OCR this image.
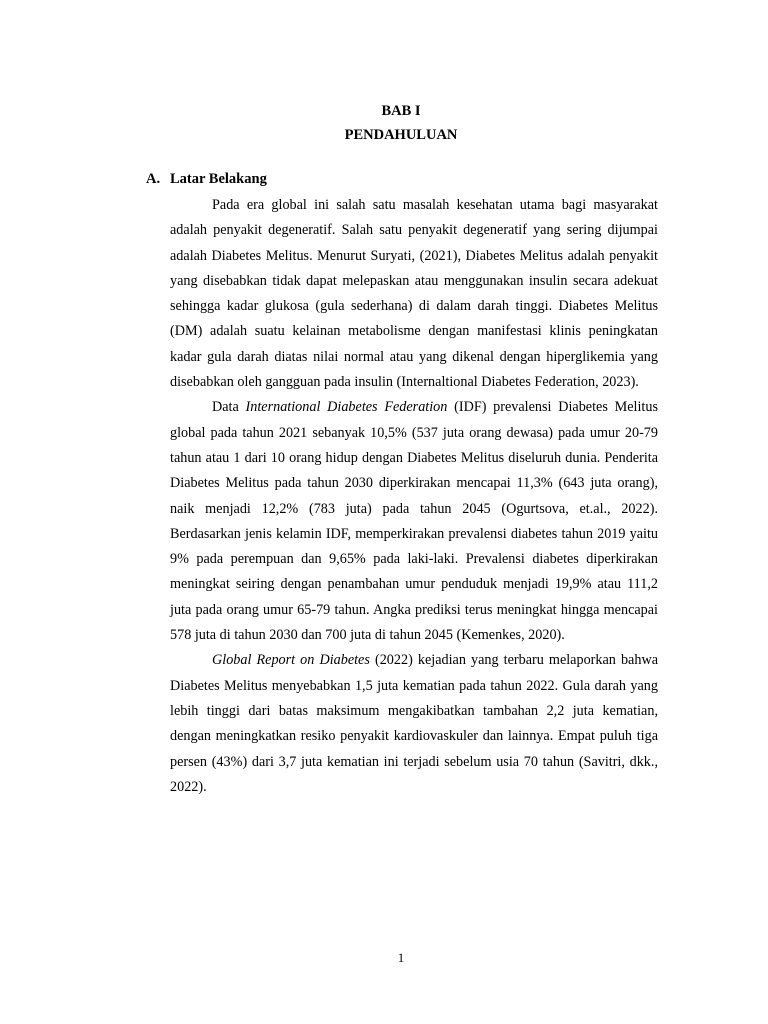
BAB I
PENDAHULUAN
A. Latar Belakang

Pada era global ini salah satu masalah kesehatan utama bagi masyarakat adalah penyakit degeneratif. Salah satu penyakit degeneratif yang sering dijumpai adalah Diabetes Melitus. Menurut Suryati, (2021), Diabetes Melitus adalah penyakit yang disebabkan tidak dapat melepaskan atau menggunakan insulin secara adekuat sehingga kadar glukosa (gula sederhana) di dalam darah tinggi. Diabetes Melitus (DM) adalah suatu kelainan metabolisme dengan manifestasi klinis peningkatan kadar gula darah diatas nilai normal atau yang dikenal dengan hiperglikemia yang disebabkan oleh gangguan pada insulin (Internaltional Diabetes Federation, 2023).

Data International Diabetes Federation (IDF) prevalensi Diabetes Melitus global pada tahun 2021 sebanyak 10,5% (537 juta orang dewasa) pada umur 20-79 tahun atau 1 dari 10 orang hidup dengan Diabetes Melitus diseluruh dunia. Penderita Diabetes Melitus pada tahun 2030 diperkirakan mencapai 11,3% (643 juta orang), naik menjadi 12,2% (783 juta) pada tahun 2045 (Ogurtsova, et.al., 2022). Berdasarkan jenis kelamin IDF, memperkirakan prevalensi diabetes tahun 2019 yaitu 9% pada perempuan dan 9,65% pada laki-laki. Prevalensi diabetes diperkirakan meningkat seiring dengan penambahan umur penduduk menjadi 19,9% atau 111,2 juta pada orang umur 65-79 tahun. Angka prediksi terus meningkat hingga mencapai 578 juta di tahun 2030 dan 700 juta di tahun 2045 (Kemenkes, 2020).

Global Report on Diabetes (2022) kejadian yang terbaru melaporkan bahwa Diabetes Melitus menyebabkan 1,5 juta kematian pada tahun 2022. Gula darah yang lebih tinggi dari batas maksimum mengakibatkan tambahan 2,2 juta kematian, dengan meningkatkan resiko penyakit kardiovaskuler dan lainnya. Empat puluh tiga persen (43%) dari 3,7 juta kematian ini terjadi sebelum usia 70 tahun (Savitri, dkk., 2022).

1
